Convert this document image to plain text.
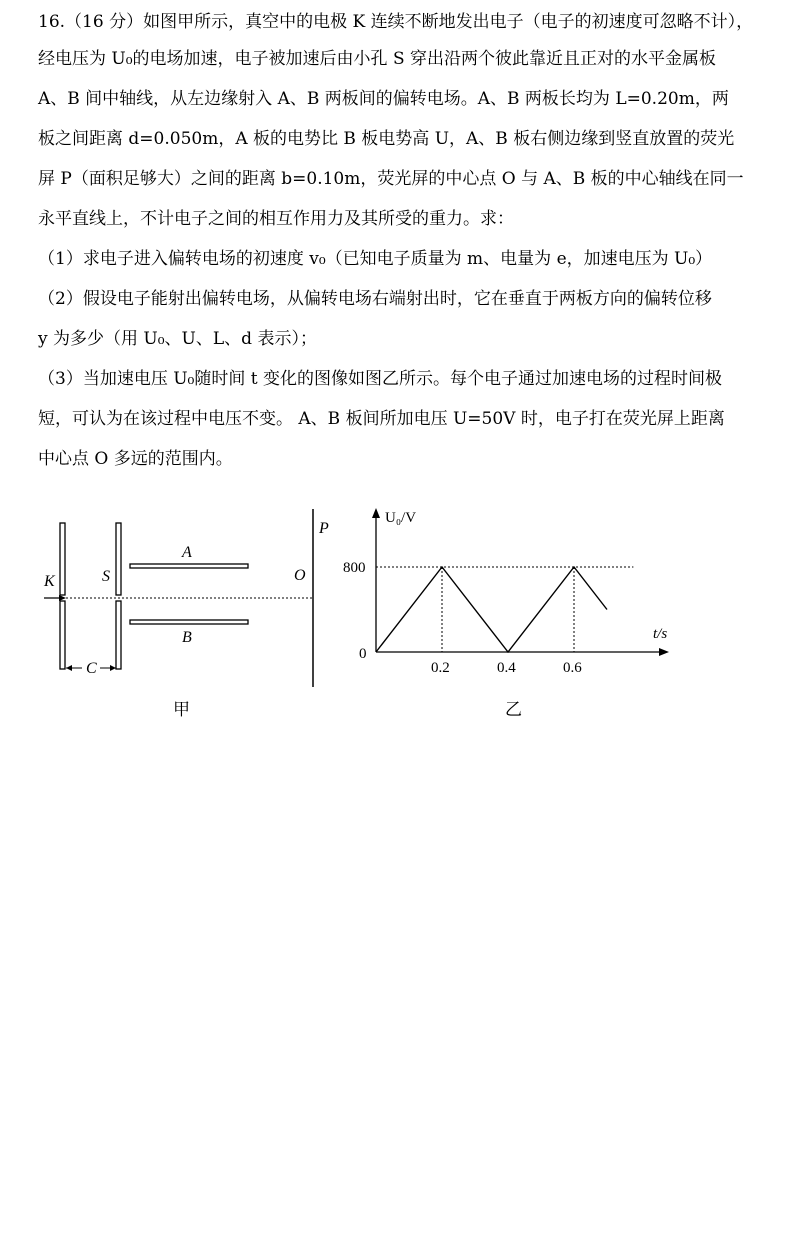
16.（16 分）如图甲所示，真空中的电极 K 连续不断地发出电子（电子的初速度可忽略不计），
经电压为 U₀的电场加速，电子被加速后由小孔 S 穿出沿两个彼此靠近且正对的水平金属板
A、B 间中轴线，从左边缘射入 A、B 两板间的偏转电场。A、B 两板长均为 L=0.20m，两
板之间距离 d=0.050m，A 板的电势比 B 板电势高 U，A、B 板右侧边缘到竖直放置的荧光
屏 P（面积足够大）之间的距离 b=0.10m，荧光屏的中心点 O 与 A、B 板的中心轴线在同一
永平直线上，不计电子之间的相互作用力及其所受的重力。求：
（1）求电子进入偏转电场的初速度 v₀（已知电子质量为 m、电量为 e，加速电压为 U₀）
（2）假设电子能射出偏转电场，从偏转电场右端射出时，它在垂直于两板方向的偏转位移
y 为多少（用 U₀、U、L、d 表示）；
（3）当加速电压 U₀随时间 t 变化的图像如图乙所示。每个电子通过加速电场的过程时间极
短，可认为在该过程中电压不变。 A、B 板间所加电压 U=50V 时，电子打在荧光屏上距离
中心点 O 多远的范围内。
K	S
A
B
O
P
C
甲
800
0.2	0.4	0.6
U₀/V
t/s
0
乙
